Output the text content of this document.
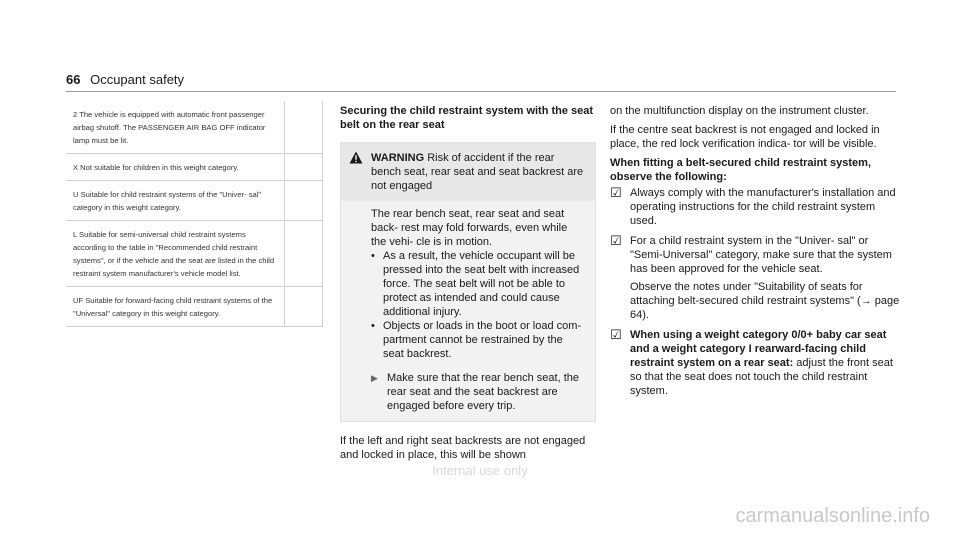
66 Occupant safety
2 The vehicle is equipped with automatic front passenger airbag shutoff. The PASSENGER AIR BAG OFF indicator lamp must be lit.	
X Not suitable for children in this weight category.	
U Suitable for child restraint systems of the "Univer- sal" category in this weight category.	
L Suitable for semi-universal child restraint systems according to the table in "Recommended child restraint systems", or if the vehicle and the seat are listed in the child restraint system manufacturer's vehicle model list.	
UF Suitable for forward-facing child restraint systems of the "Universal" category in this weight category.	
Securing the child restraint system with the seat belt on the rear seat
WARNING Risk of accident if the rear bench seat, rear seat and seat backrest are not engaged

The rear bench seat, rear seat and seat back- rest may fold forwards, even while the vehi- cle is in motion.

• As a result, the vehicle occupant will be pressed into the seat belt with increased force. The seat belt will not be able to protect as intended and could cause additional injury.
• Objects or loads in the boot or load com- partment cannot be restrained by the seat backrest.
▶ Make sure that the rear bench seat, the rear seat and the seat backrest are engaged before every trip.

If the left and right seat backrests are not engaged and locked in place, this will be shown

on the multifunction display on the instrument cluster.

If the centre seat backrest is not engaged and locked in place, the red lock verification indica- tor will be visible.

When fitting a belt-secured child restraint system, observe the following:
☑ Always comply with the manufacturer's installation and operating instructions for the child restraint system used.

☑ For a child restraint system in the "Univer- sal" or "Semi-Universal" category, make sure that the system has been approved for the vehicle seat.

Observe the notes under "Suitability of seats for attaching belt-secured child restraint systems" (→ page 64).

☑ When using a weight category 0/0+ baby car seat and a weight category I rearward-facing child restraint system on a rear seat: adjust the front seat so that the seat does not touch the child restraint system.

Internal use only
carmanualsonline.info
